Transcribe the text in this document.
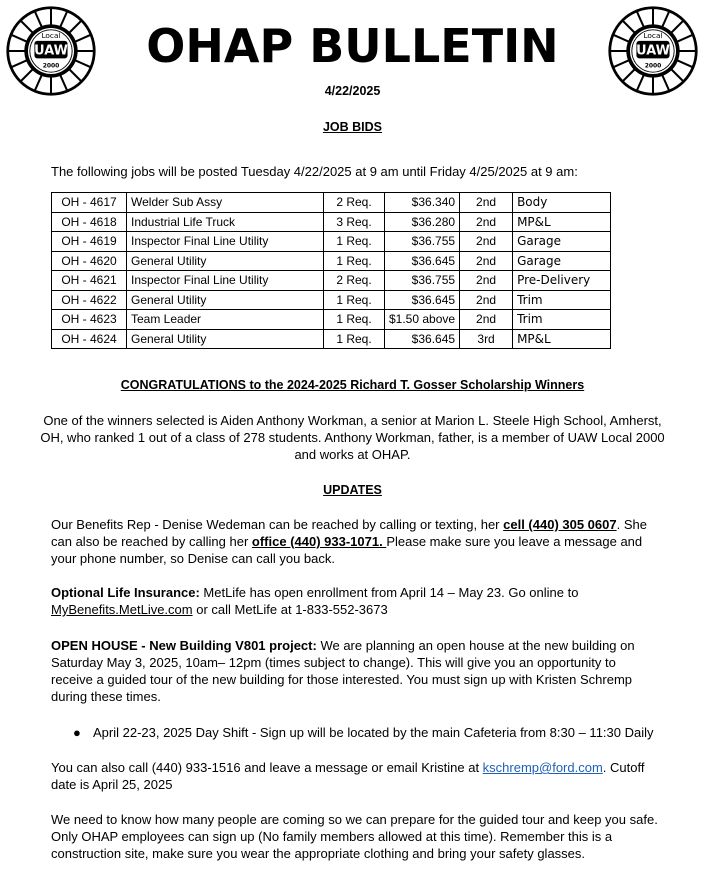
UAW
Local
2000
UAW
Local
2000
OHAP BULLETIN
4/22/2025
JOB BIDS
The following jobs will be posted Tuesday 4/22/2025 at 9 am until Friday 4/25/2025 at 9 am:
OH - 4617	Welder Sub Assy	2 Req.	$36.340	2nd	Body
OH - 4618	Industrial Life Truck	3 Req.	$36.280	2nd	MP&L
OH - 4619	Inspector Final Line Utility	1 Req.	$36.755	2nd	Garage
OH - 4620	General Utility	1 Req.	$36.645	2nd	Garage
OH - 4621	Inspector Final Line Utility	2 Req.	$36.755	2nd	Pre-Delivery
OH - 4622	General Utility	1 Req.	$36.645	2nd	Trim
OH - 4623	Team Leader	1 Req.	$1.50 above	2nd	Trim
OH - 4624	General Utility	1 Req.	$36.645	3rd	MP&L
CONGRATULATIONS to the 2024-2025 Richard T. Gosser Scholarship Winners
One of the winners selected is Aiden Anthony Workman, a senior at Marion L. Steele High School, Amherst, OH, who ranked 1 out of a class of 278 students. Anthony Workman, father, is a member of UAW Local 2000 and works at OHAP.
UPDATES
Our Benefits Rep - Denise Wedeman can be reached by calling or texting, her cell (440) 305 0607. She can also be reached by calling her office (440) 933-1071. Please make sure you leave a message and your phone number, so Denise can call you back.
Optional Life Insurance: MetLife has open enrollment from April 14 – May 23. Go online to MyBenefits.MetLive.com or call MetLife at 1-833-552-3673
OPEN HOUSE - New Building V801 project: We are planning an open house at the new building on Saturday May 3, 2025, 10am– 12pm (times subject to change). This will give you an opportunity to receive a guided tour of the new building for those interested. You must sign up with Kristen Schremp during these times.
● April 22-23, 2025 Day Shift - Sign up will be located by the main Cafeteria from 8:30 – 11:30 Daily
You can also call (440) 933-1516 and leave a message or email Kristine at kschremp@ford.com. Cutoff date is April 25, 2025
We need to know how many people are coming so we can prepare for the guided tour and keep you safe. Only OHAP employees can sign up (No family members allowed at this time). Remember this is a construction site, make sure you wear the appropriate clothing and bring your safety glasses.
